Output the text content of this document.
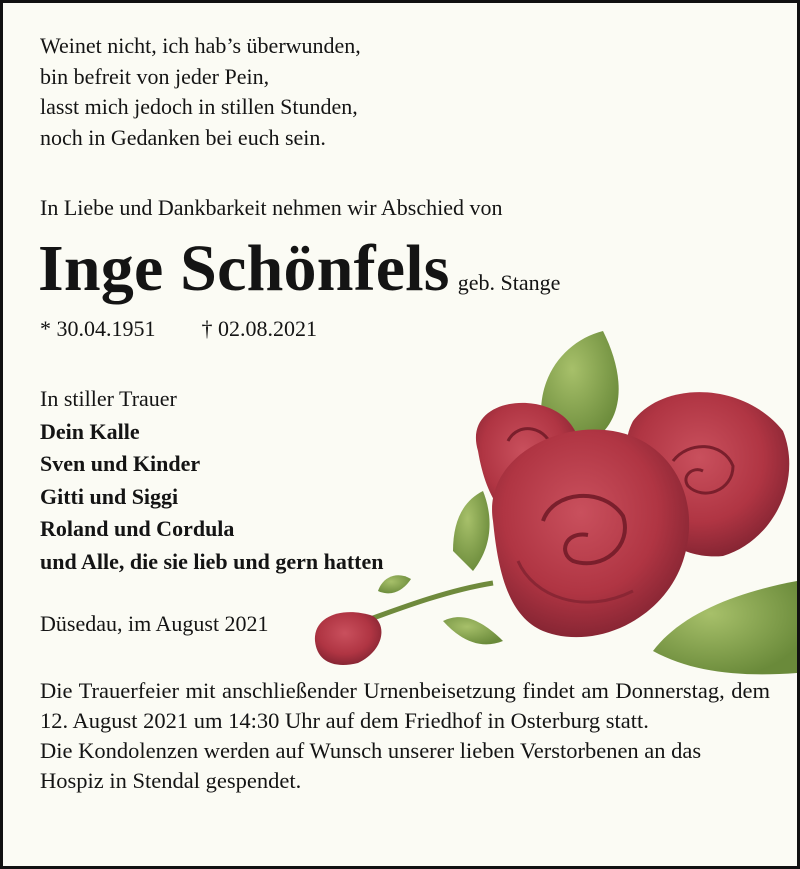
Weinet nicht, ich hab’s überwunden,
bin befreit von jeder Pein,
lasst mich jedoch in stillen Stunden,
noch in Gedanken bei euch sein.
In Liebe und Dankbarkeit nehmen wir Abschied von
Inge Schönfels geb. Stange
* 30.04.1951 † 02.08.2021
In stiller Trauer
Dein Kalle
Sven und Kinder
Gitti und Siggi
Roland und Cordula
und Alle, die sie lieb und gern hatten
Düsedau, im August 2021
Die Trauerfeier mit anschließender Urnenbeisetzung findet am Donnerstag, dem 12. August 2021 um 14:30 Uhr auf dem Friedhof in Osterburg statt.
Die Kondolenzen werden auf Wunsch unserer lieben Verstorbenen an das Hospiz in Stendal gespendet.
